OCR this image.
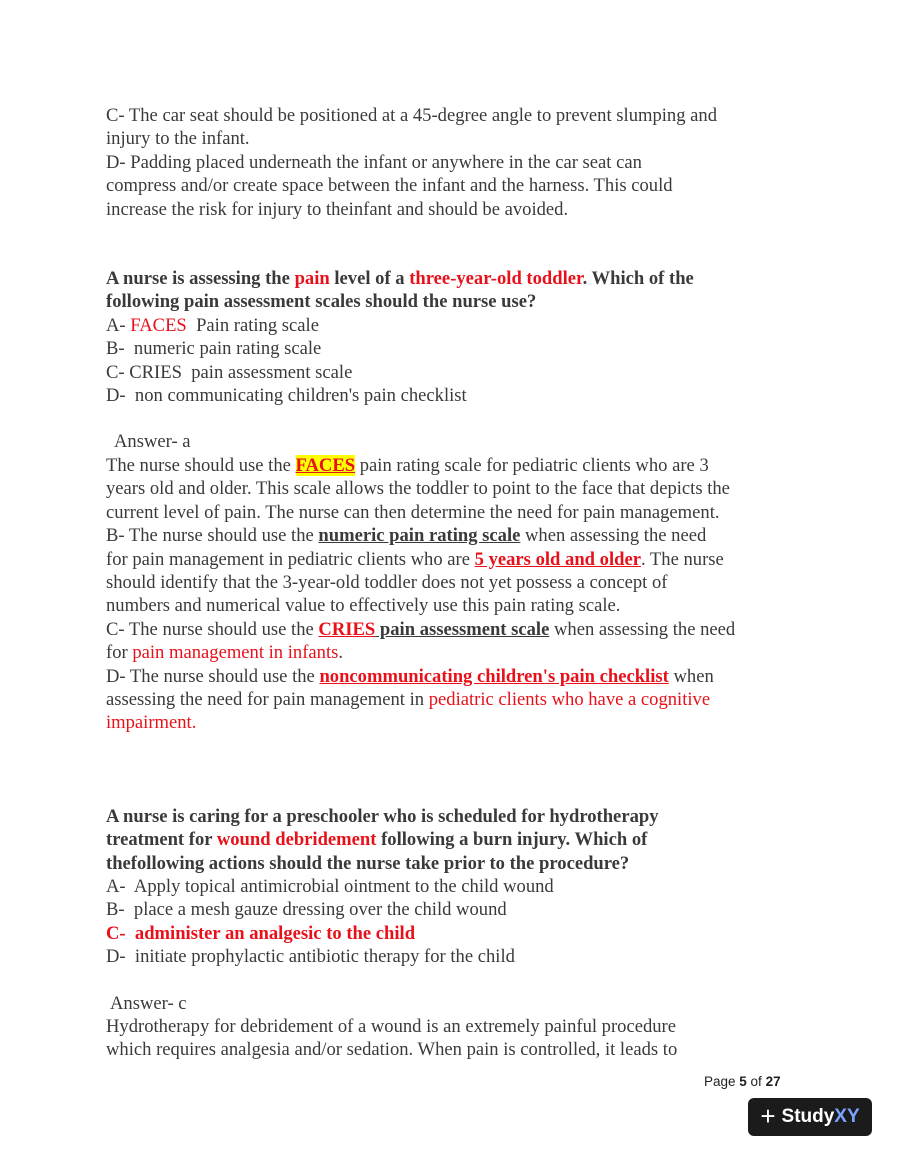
C- The car seat should be positioned at a 45-degree angle to prevent slumping and
injury to the infant.
D- Padding placed underneath the infant or anywhere in the car seat can
compress and/or create space between the infant and the harness. This could
increase the risk for injury to theinfant and should be avoided.
A nurse is assessing the pain level of a three-year-old toddler. Which of the
following pain assessment scales should the nurse use?
A- FACES  Pain rating scale
B-  numeric pain rating scale
C- CRIES  pain assessment scale
D-  non communicating children's pain checklist
Answer- a
The nurse should use the FACES pain rating scale for pediatric clients who are 3
years old and older. This scale allows the toddler to point to the face that depicts the
current level of pain. The nurse can then determine the need for pain management.
B- The nurse should use the numeric pain rating scale when assessing the need
for pain management in pediatric clients who are 5 years old and older. The nurse
should identify that the 3-year-old toddler does not yet possess a concept of
numbers and numerical value to effectively use this pain rating scale.
C- The nurse should use the CRIES pain assessment scale when assessing the need
for pain management in infants.
D- The nurse should use the noncommunicating children's pain checklist when
assessing the need for pain management in pediatric clients who have a cognitive
impairment.
A nurse is caring for a preschooler who is scheduled for hydrotherapy
treatment for wound debridement following a burn injury. Which of
thefollowing actions should the nurse take prior to the procedure?
A-  Apply topical antimicrobial ointment to the child wound
B-  place a mesh gauze dressing over the child wound
C-  administer an analgesic to the child
D-  initiate prophylactic antibiotic therapy for the child
Answer- c
Hydrotherapy for debridement of a wound is an extremely painful procedure
which requires analgesia and/or sedation. When pain is controlled, it leads to
Page 5 of 27
+ StudyXY
